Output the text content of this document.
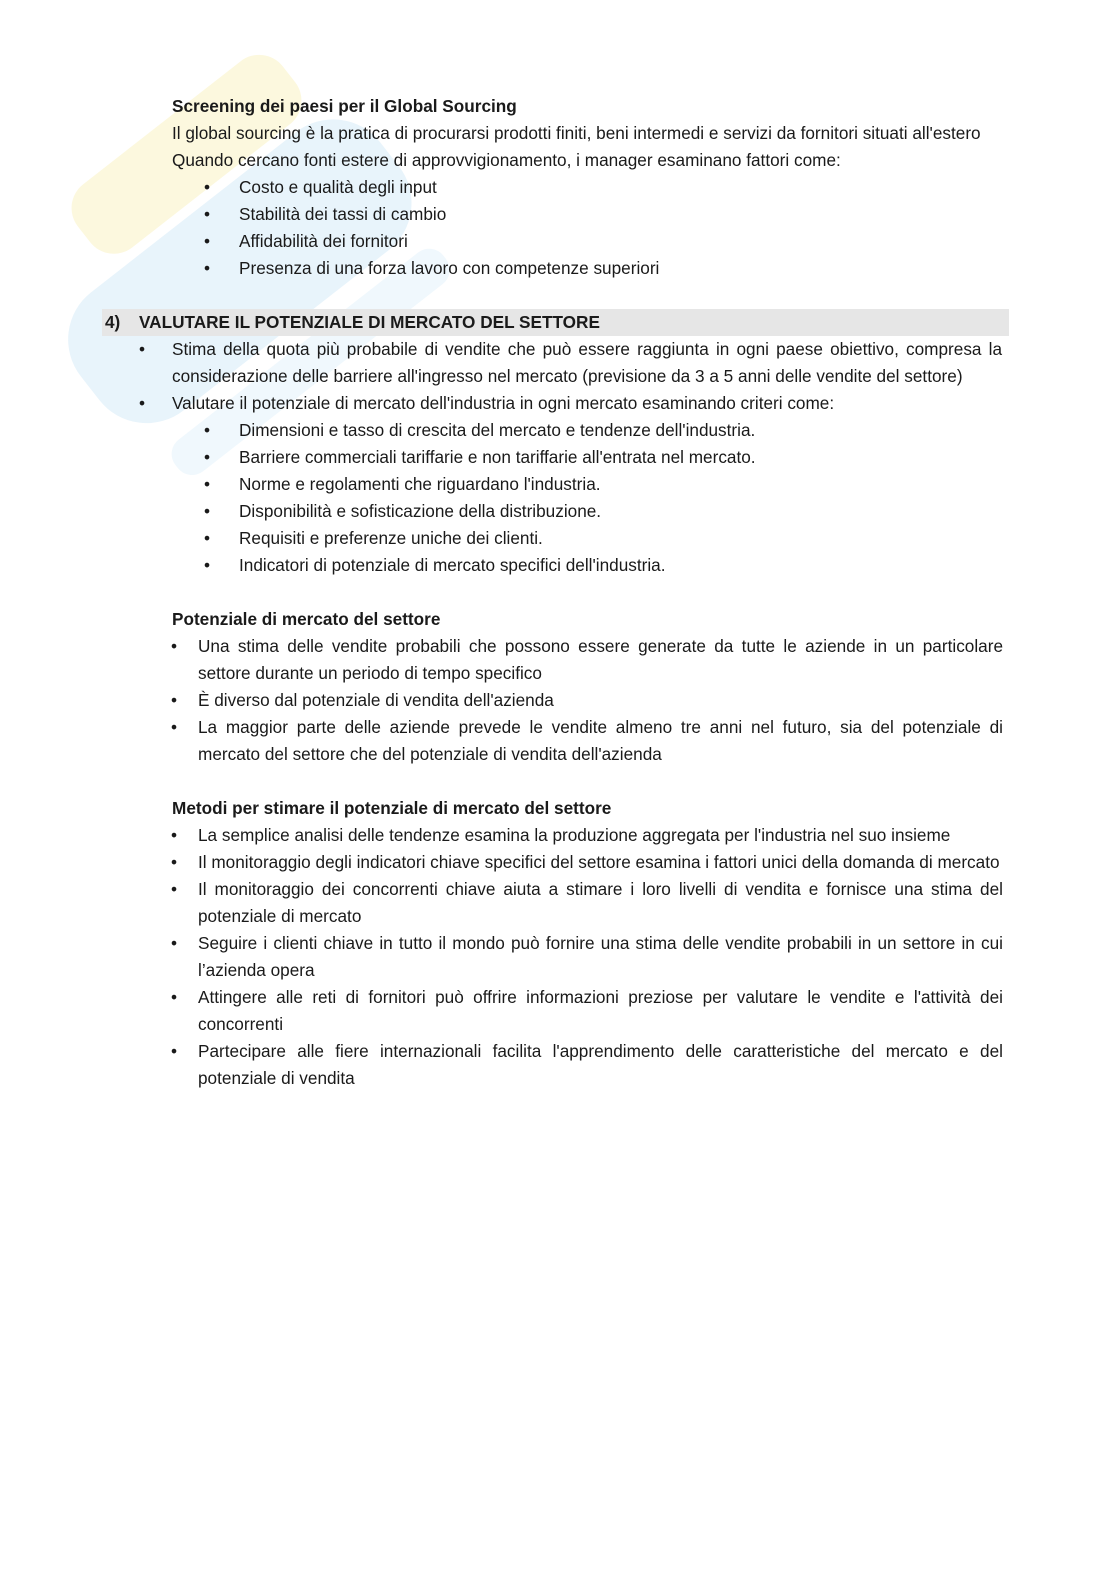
Screening dei paesi per il Global Sourcing

Il global sourcing è la pratica di procurarsi prodotti finiti, beni intermedi e servizi da fornitori situati all'estero

Quando cercano fonti estere di approvvigionamento, i manager esaminano fattori come:

• Costo e qualità degli input
• Stabilità dei tassi di cambio
• Affidabilità dei fornitori
• Presenza di una forza lavoro con competenze superiori
4) VALUTARE IL POTENZIALE DI MERCATO DEL SETTORE
• Stima della quota più probabile di vendite che può essere raggiunta in ogni paese obiettivo, compresa la considerazione delle barriere all'ingresso nel mercato (previsione da 3 a 5 anni delle vendite del settore)
• Valutare il potenziale di mercato dell'industria in ogni mercato esaminando criteri come:
• Dimensioni e tasso di crescita del mercato e tendenze dell'industria.
• Barriere commerciali tariffarie e non tariffarie all'entrata nel mercato.
• Norme e regolamenti che riguardano l'industria.
• Disponibilità e sofisticazione della distribuzione.
• Requisiti e preferenze uniche dei clienti.
• Indicatori di potenziale di mercato specifici dell'industria.

Potenziale di mercato del settore

• Una stima delle vendite probabili che possono essere generate da tutte le aziende in un particolare settore durante un periodo di tempo specifico
• È diverso dal potenziale di vendita dell'azienda
• La maggior parte delle aziende prevede le vendite almeno tre anni nel futuro, sia del potenziale di mercato del settore che del potenziale di vendita dell'azienda

Metodi per stimare il potenziale di mercato del settore

• La semplice analisi delle tendenze esamina la produzione aggregata per l'industria nel suo insieme
• Il monitoraggio degli indicatori chiave specifici del settore esamina i fattori unici della domanda di mercato
• Il monitoraggio dei concorrenti chiave aiuta a stimare i loro livelli di vendita e fornisce una stima del potenziale di mercato
• Seguire i clienti chiave in tutto il mondo può fornire una stima delle vendite probabili in un settore in cui l’azienda opera
• Attingere alle reti di fornitori può offrire informazioni preziose per valutare le vendite e l'attività dei concorrenti
• Partecipare alle fiere internazionali facilita l'apprendimento delle caratteristiche del mercato e del potenziale di vendita
